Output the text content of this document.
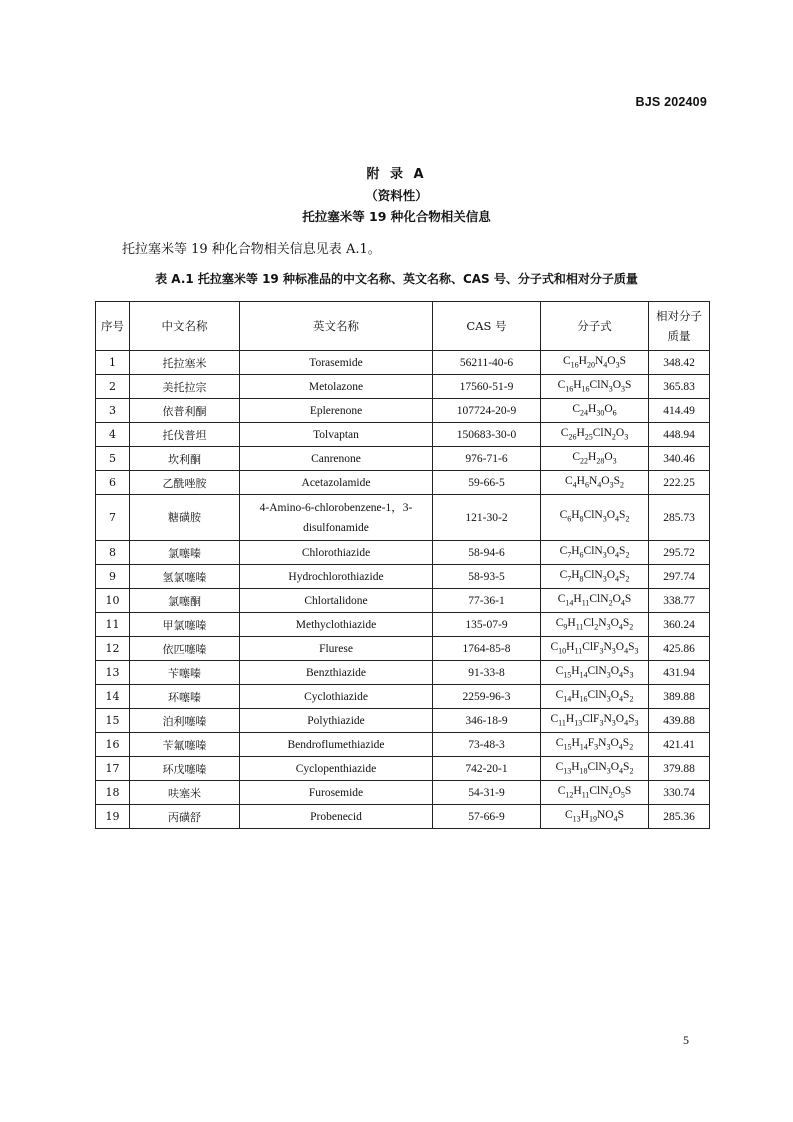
BJS 202409
附 录 A
（资料性）
托拉塞米等 19 种化合物相关信息
托拉塞米等 19 种化合物相关信息见表 A.1。
表 A.1 托拉塞米等 19 种标准品的中文名称、英文名称、CAS 号、分子式和相对分子质量
序号	中文名称	英文名称	CAS 号	分子式	相对分子质量
1	托拉塞米	Torasemide	56211-40-6	$C_{16}H_{20}N_4O_3S$	348.42
2	美托拉宗	Metolazone	17560-51-9	$C_{16}H_{16}ClN_3O_3S$	365.83
3	依普利酮	Eplerenone	107724-20-9	$C_{24}H_{30}O_6$	414.49
4	托伐普坦	Tolvaptan	150683-30-0	$C_{26}H_{25}ClN_2O_3$	448.94
5	坎利酮	Canrenone	976-71-6	$C_{22}H_{28}O_3$	340.46
6	乙酰唑胺	Acetazolamide	59-66-5	$C_4H_6N_4O_3S_2$	222.25
7	糖磺胺	4-Amino-6-chlorobenzene-1，3-disulfonamide	121-30-2	$C_6H_8ClN_3O_4S_2$	285.73
8	氯噻嗪	Chlorothiazide	58-94-6	$C_7H_6ClN_3O_4S_2$	295.72
9	氢氯噻嗪	Hydrochlorothiazide	58-93-5	$C_7H_8ClN_3O_4S_2$	297.74
10	氯噻酮	Chlortalidone	77-36-1	$C_{14}H_{11}ClN_2O_4S$	338.77
11	甲氯噻嗪	Methyclothiazide	135-07-9	$C_9H_{11}Cl_2N_3O_4S_2$	360.24
12	依匹噻嗪	Flurese	1764-85-8	$C_{10}H_{11}ClF_3N_3O_4S_3$	425.86
13	苄噻嗪	Benzthiazide	91-33-8	$C_{15}H_{14}ClN_3O_4S_3$	431.94
14	环噻嗪	Cyclothiazide	2259-96-3	$C_{14}H_{16}ClN_3O_4S_2$	389.88
15	泊利噻嗪	Polythiazide	346-18-9	$C_{11}H_{13}ClF_3N_3O_4S_3$	439.88
16	苄氟噻嗪	Bendroflumethiazide	73-48-3	$C_{15}H_{14}F_3N_3O_4S_2$	421.41
17	环戊噻嗪	Cyclopenthiazide	742-20-1	$C_{13}H_{18}ClN_3O_4S_2$	379.88
18	呋塞米	Furosemide	54-31-9	$C_{12}H_{11}ClN_2O_5S$	330.74
19	丙磺舒	Probenecid	57-66-9	$C_{13}H_{19}NO_4S$	285.36
5
